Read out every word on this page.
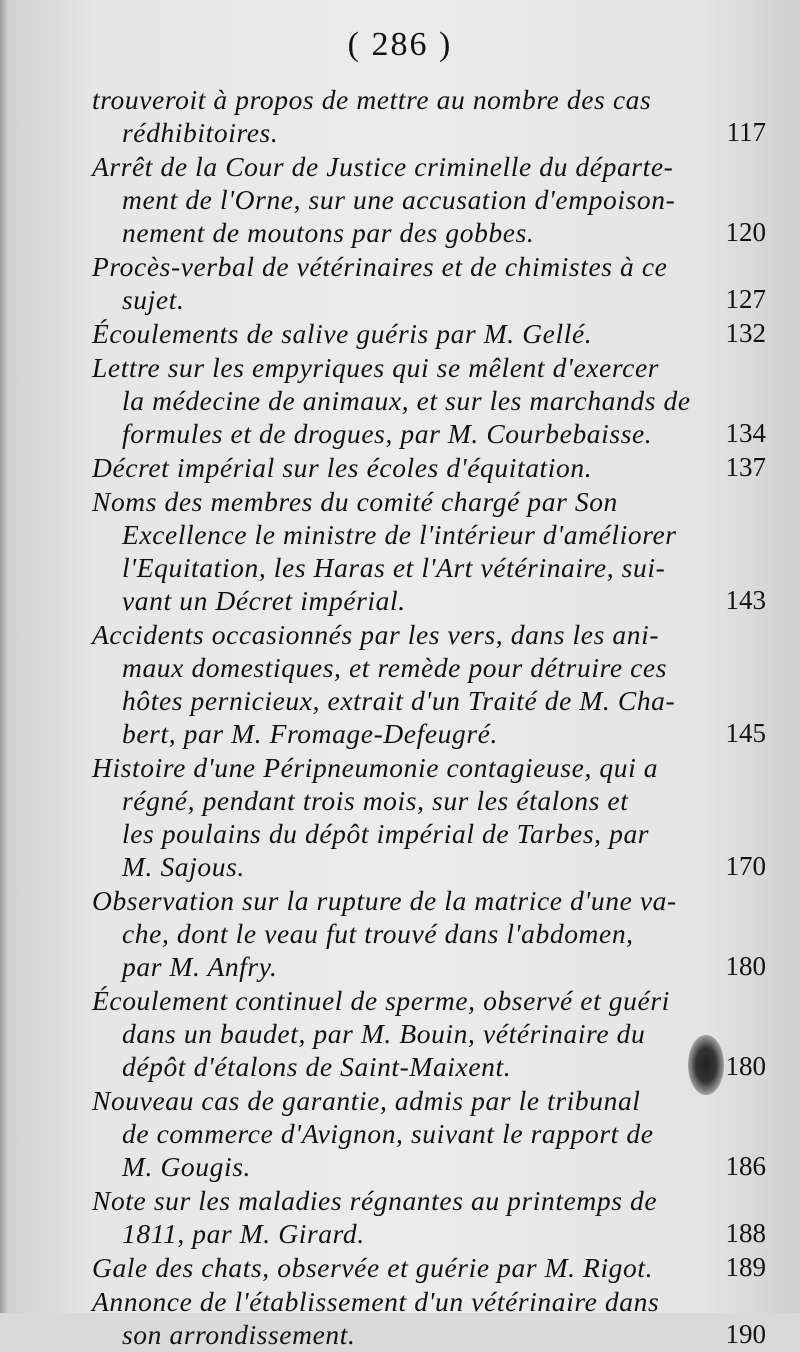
( 286 )
trouveroit à propos de mettre au nombre des cas
rédhibitoires.	117
Arrêt de la Cour de Justice criminelle du départe-
ment de l'Orne, sur une accusation d'empoison-
nement de moutons par des gobbes.	120
Procès-verbal de vétérinaires et de chimistes à ce
sujet.	127
Écoulements de salive guéris par M. Gellé.	132
Lettre sur les empyriques qui se mêlent d'exercer
la médecine de animaux, et sur les marchands de
formules et de drogues, par M. Courbebaisse.	134
Décret impérial sur les écoles d'équitation.	137
Noms des membres du comité chargé par Son
Excellence le ministre de l'intérieur d'améliorer
l'Equitation, les Haras et l'Art vétérinaire, sui-
vant un Décret impérial.	143
Accidents occasionnés par les vers, dans les ani-
maux domestiques, et remède pour détruire ces
hôtes pernicieux, extrait d'un Traité de M. Cha-
bert, par M. Fromage-Defeugré.	145
Histoire d'une Péripneumonie contagieuse, qui a
régné, pendant trois mois, sur les étalons et
les poulains du dépôt impérial de Tarbes, par
M. Sajous.	170
Observation sur la rupture de la matrice d'une va-
che, dont le veau fut trouvé dans l'abdomen,
par M. Anfry.	180
Écoulement continuel de sperme, observé et guéri
dans un baudet, par M. Bouin, vétérinaire du
dépôt d'étalons de Saint-Maixent.	180
Nouveau cas de garantie, admis par le tribunal
de commerce d'Avignon, suivant le rapport de
M. Gougis.	186
Note sur les maladies régnantes au printemps de
1811, par M. Girard.	188
Gale des chats, observée et guérie par M. Rigot.	189
Annonce de l'établissement d'un vétérinaire dans
son arrondissement.	190
